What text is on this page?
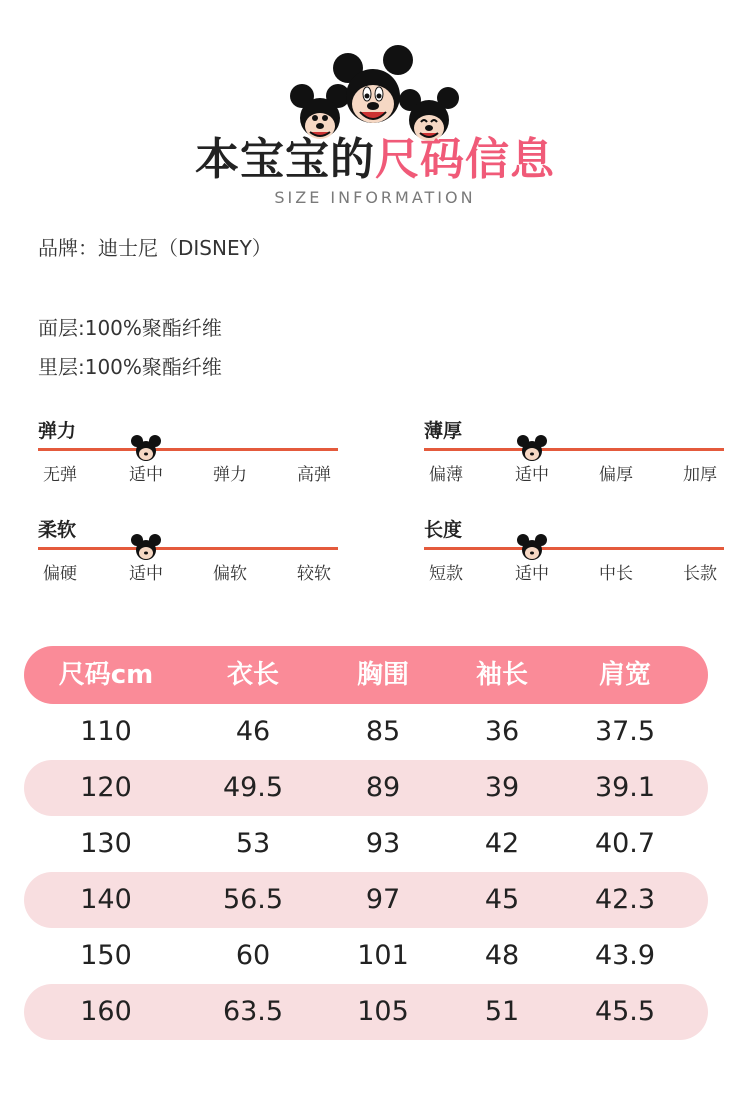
本宝宝的尺码信息
SIZE INFORMATION
品牌：迪士尼（DISNEY）
面层:100%聚酯纤维
里层:100%聚酯纤维
弹力
无弹	适中	弹力	高弹
薄厚
偏薄	适中	偏厚	加厚
柔软
偏硬	适中	偏软	较软
长度
短款	适中	中长	长款
尺码cm	衣长	胸围	袖长	肩宽
110	46	85	36	37.5
120	49.5	89	39	39.1
130	53	93	42	40.7
140	56.5	97	45	42.3
150	60	101	48	43.9
160	63.5	105	51	45.5
